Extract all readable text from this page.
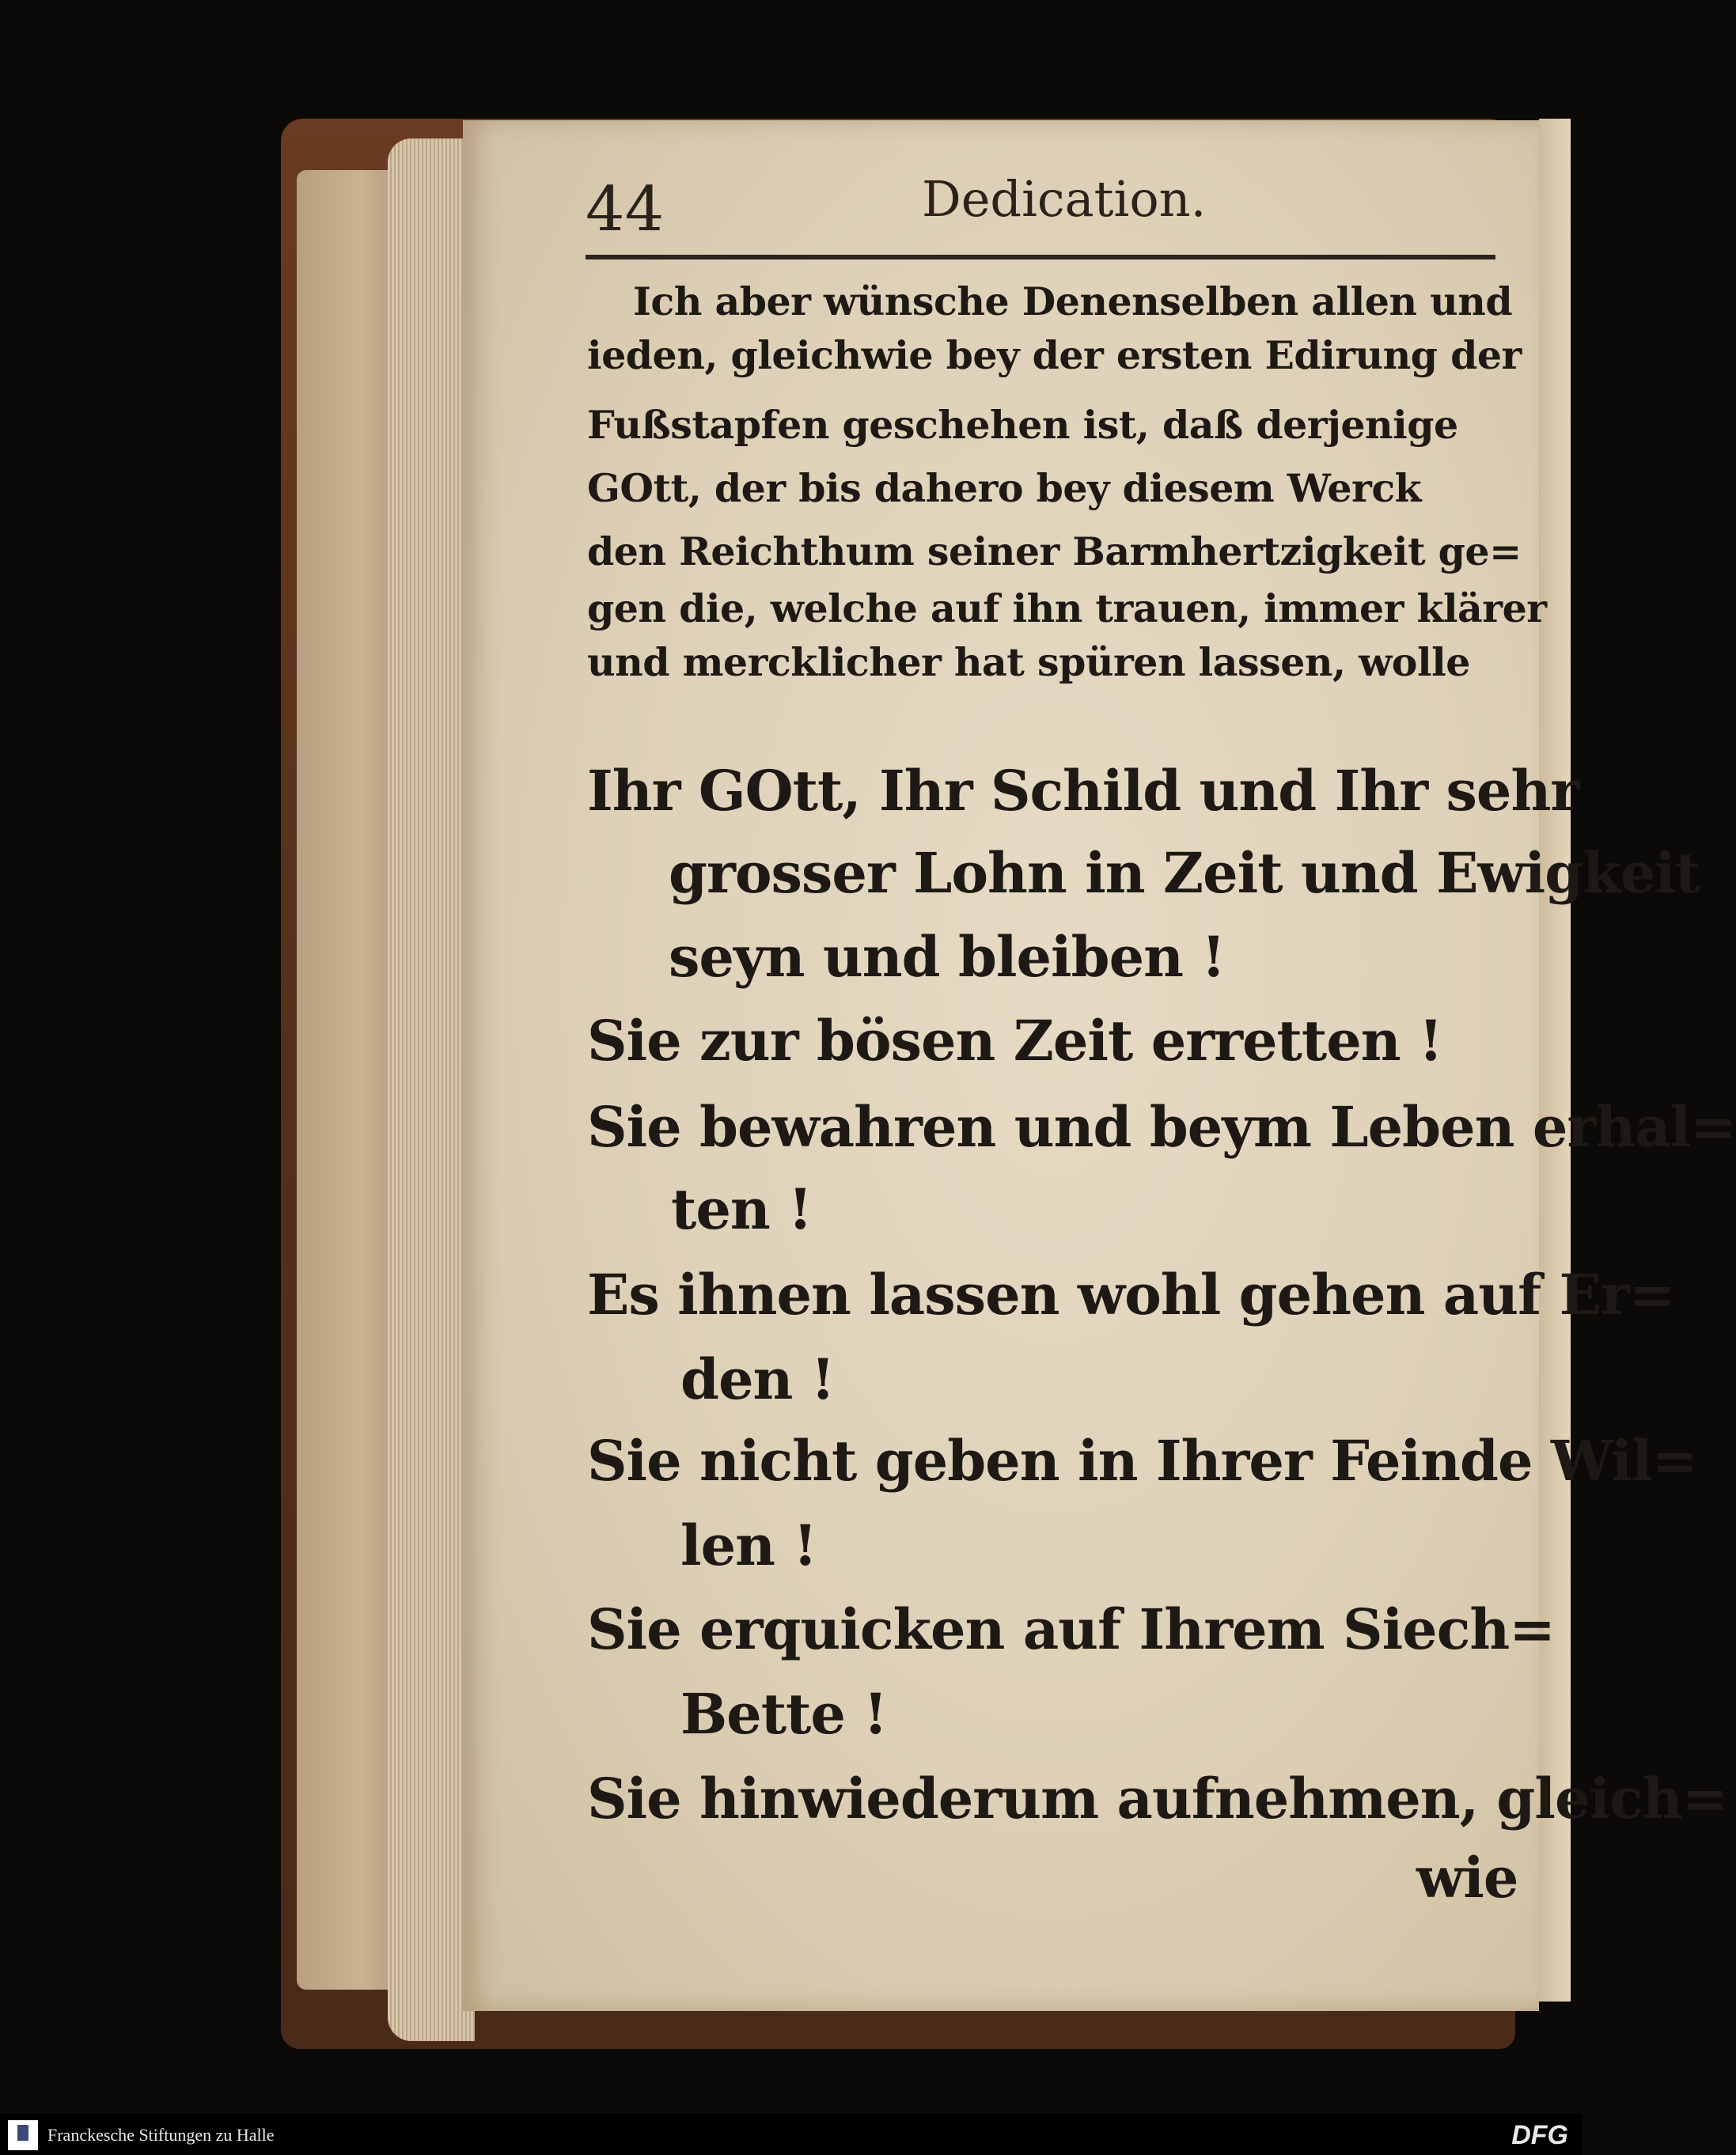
44	Dedication.
Ich aber wünsche Denenselben allen und
ieden, gleichwie bey der ersten Edirung der
Fußstapfen geschehen ist, daß derjenige
GOtt, der bis dahero bey diesem Werck
den Reichthum seiner Barmhertzigkeit ge=
gen die, welche auf ihn trauen, immer klärer
und mercklicher hat spüren lassen, wolle
Ihr GOtt, Ihr Schild und Ihr sehr
grosser Lohn in Zeit und Ewigkeit
seyn und bleiben !
Sie zur bösen Zeit erretten !
Sie bewahren und beym Leben erhal=
ten !
Es ihnen lassen wohl gehen auf Er=
den !
Sie nicht geben in Ihrer Feinde Wil=
len !
Sie erquicken auf Ihrem Siech=
Bette !
Sie hinwiederum aufnehmen, gleich=
wie
Franckesche Stiftungen zu Halle	DFG
